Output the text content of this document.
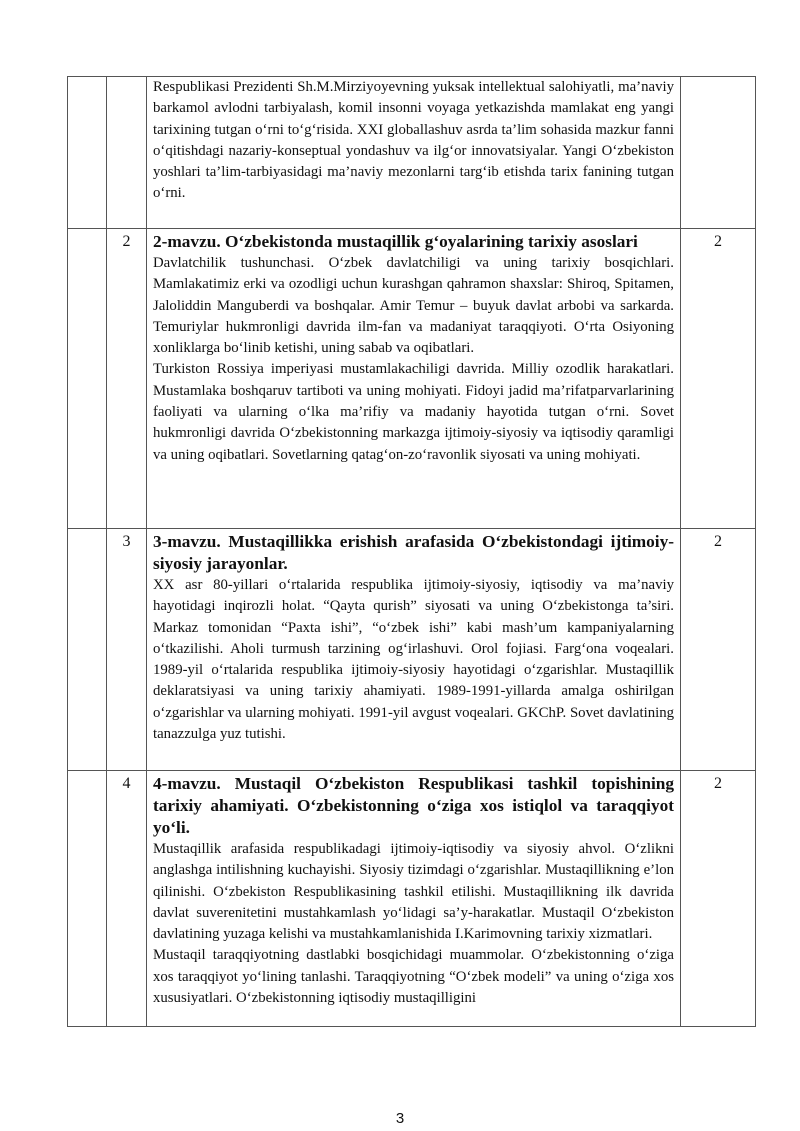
		Respublikasi Prezidenti Sh.M.Mirziyoyevning yuksak intellektual salohiyatli, ma’naviy barkamol avlodni tarbiyalash, komil insonni voyaga yetkazishda mamlakat eng yangi tarixining tutgan o‘rni to‘g‘risida. XXI globallashuv asrda ta’lim sohasida mazkur fanni o‘qitishdagi nazariy-konseptual yondashuv va ilg‘or innovatsiyalar. Yangi O‘zbekiston yoshlari ta’lim-tarbiyasidagi ma’naviy mezonlarni targ‘ib etishda tarix fanining tutgan o‘rni.	

	2	2-mavzu. O‘zbekistonda mustaqillik g‘oyalarining tarixiy asoslari

Davlatchilik tushunchasi. O‘zbek davlatchiligi va uning tarixiy bosqichlari. Mamlakatimiz erki va ozodligi uchun kurashgan qahramon shaxslar: Shiroq, Spitamen, Jaloliddin Manguberdi va boshqalar. Amir Temur – buyuk davlat arbobi va sarkarda. Temuriylar hukmronligi davrida ilm-fan va madaniyat taraqqiyoti. O‘rta Osiyoning xonliklarga bo‘linib ketishi, uning sabab va oqibatlari.

Turkiston Rossiya imperiyasi mustamlakachiligi davrida. Milliy ozodlik harakatlari. Mustamlaka boshqaruv tartiboti va uning mohiyati. Fidoyi jadid ma’rifatparvarlarining faoliyati va ularning o‘lka ma’rifiy va madaniy hayotida tutgan o‘rni. Sovet hukmronligi davrida O‘zbekistonning markazga ijtimoiy-siyosiy va iqtisodiy qaramligi va uning oqibatlari. Sovetlarning qatag‘on-zo‘ravonlik siyosati va uning mohiyati.	2
	3	3-mavzu. Mustaqillikka erishish arafasida O‘zbekistondagi ijtimoiy-siyosiy jarayonlar.

XX asr 80-yillari o‘rtalarida respublika ijtimoiy-siyosiy, iqtisodiy va ma’naviy hayotidagi inqirozli holat. “Qayta qurish” siyosati va uning O‘zbekistonga ta’siri. Markaz tomonidan “Paxta ishi”, “o‘zbek ishi” kabi mash’um kampaniyalarning o‘tkazilishi. Aholi turmush tarzining og‘irlashuvi. Orol fojiasi. Farg‘ona voqealari. 1989-yil o‘rtalarida respublika ijtimoiy-siyosiy hayotidagi o‘zgarishlar. Mustaqillik deklaratsiyasi va uning tarixiy ahamiyati. 1989-1991-yillarda amalga oshirilgan o‘zgarishlar va ularning mohiyati. 1991-yil avgust voqealari. GKChP. Sovet davlatining tanazzulga yuz tutishi.	2
	4	4-mavzu. Mustaqil O‘zbekiston Respublikasi tashkil topishining tarixiy ahamiyati. O‘zbekistonning o‘ziga xos istiqlol va taraqqiyot yo‘li.

Mustaqillik arafasida respublikadagi ijtimoiy-iqtisodiy va siyosiy ahvol. O‘zlikni anglashga intilishning kuchayishi. Siyosiy tizimdagi o‘zgarishlar. Mustaqillikning e’lon qilinishi. O‘zbekiston Respublikasining tashkil etilishi. Mustaqillikning ilk davrida davlat suverenitetini mustahkamlash yo‘lidagi sa’y-harakatlar. Mustaqil O‘zbekiston davlatining yuzaga kelishi va mustahkamlanishida I.Karimovning tarixiy xizmatlari.

Mustaqil taraqqiyotning dastlabki bosqichidagi muammolar. O‘zbekistonning o‘ziga xos taraqqiyot yo‘lining tanlashi. Taraqqiyotning “O‘zbek modeli” va uning o‘ziga xos xususiyatlari. O‘zbekistonning iqtisodiy mustaqilligini	2
3
